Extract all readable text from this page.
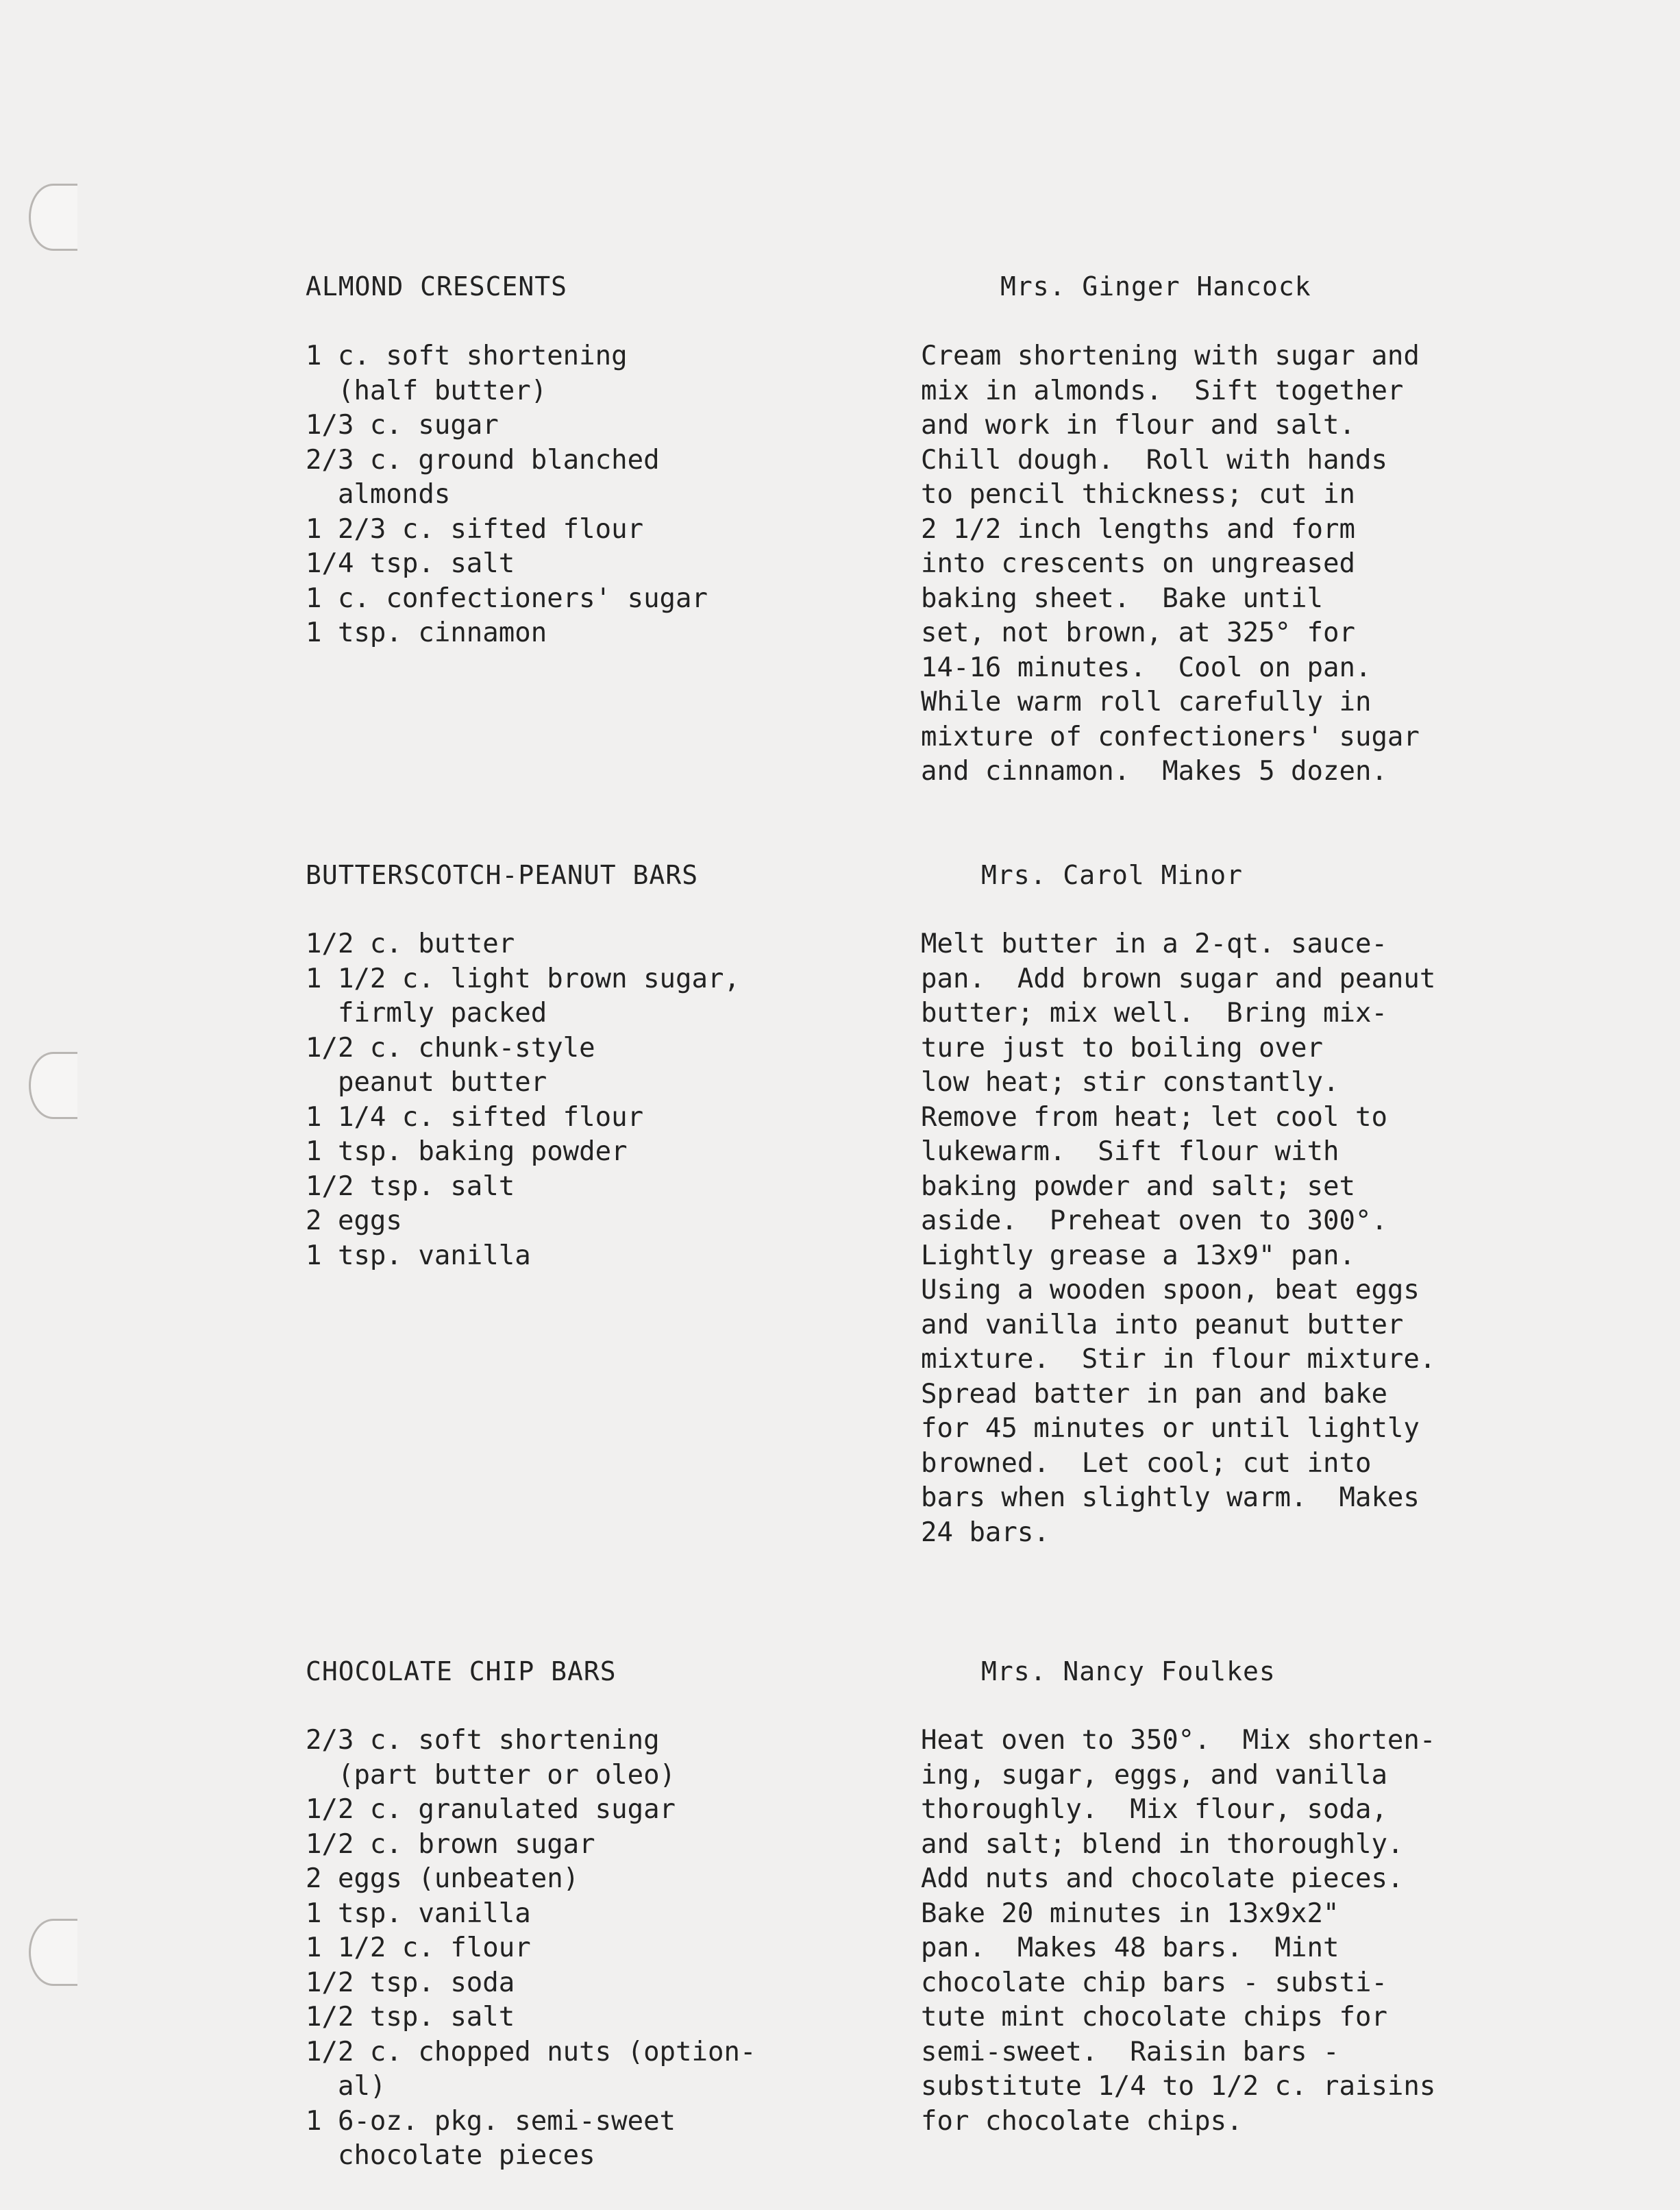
ALMOND CRESCENTS	Mrs. Ginger Hancock
1 c. soft shortening
(half butter)
1/3 c. sugar
2/3 c. ground blanched
almonds
1 2/3 c. sifted flour
1/4 tsp. salt
1 c. confectioners' sugar
1 tsp. cinnamon
Cream shortening with sugar and
mix in almonds.  Sift together
and work in flour and salt.
Chill dough.  Roll with hands
to pencil thickness; cut in
2 1/2 inch lengths and form
into crescents on ungreased
baking sheet.  Bake until
set, not brown, at 325° for
14-16 minutes.  Cool on pan.
While warm roll carefully in
mixture of confectioners' sugar
and cinnamon.  Makes 5 dozen.
BUTTERSCOTCH-PEANUT BARS	Mrs. Carol Minor
1/2 c. butter
1 1/2 c. light brown sugar,
firmly packed
1/2 c. chunk-style
peanut butter
1 1/4 c. sifted flour
1 tsp. baking powder
1/2 tsp. salt
2 eggs
1 tsp. vanilla
Melt butter in a 2-qt. sauce-
pan.  Add brown sugar and peanut
butter; mix well.  Bring mix-
ture just to boiling over
low heat; stir constantly.
Remove from heat; let cool to
lukewarm.  Sift flour with
baking powder and salt; set
aside.  Preheat oven to 300°.
Lightly grease a 13x9" pan.
Using a wooden spoon, beat eggs
and vanilla into peanut butter
mixture.  Stir in flour mixture.
Spread batter in pan and bake
for 45 minutes or until lightly
browned.  Let cool; cut into
bars when slightly warm.  Makes
24 bars.
CHOCOLATE CHIP BARS	Mrs. Nancy Foulkes
2/3 c. soft shortening
(part butter or oleo)
1/2 c. granulated sugar
1/2 c. brown sugar
2 eggs (unbeaten)
1 tsp. vanilla
1 1/2 c. flour
1/2 tsp. soda
1/2 tsp. salt
1/2 c. chopped nuts (option-
al)
1 6-oz. pkg. semi-sweet
chocolate pieces
Heat oven to 350°.  Mix shorten-
ing, sugar, eggs, and vanilla
thoroughly.  Mix flour, soda,
and salt; blend in thoroughly.
Add nuts and chocolate pieces.
Bake 20 minutes in 13x9x2"
pan.  Makes 48 bars.  Mint
chocolate chip bars - substi-
tute mint chocolate chips for
semi-sweet.  Raisin bars -
substitute 1/4 to 1/2 c. raisins
for chocolate chips.
